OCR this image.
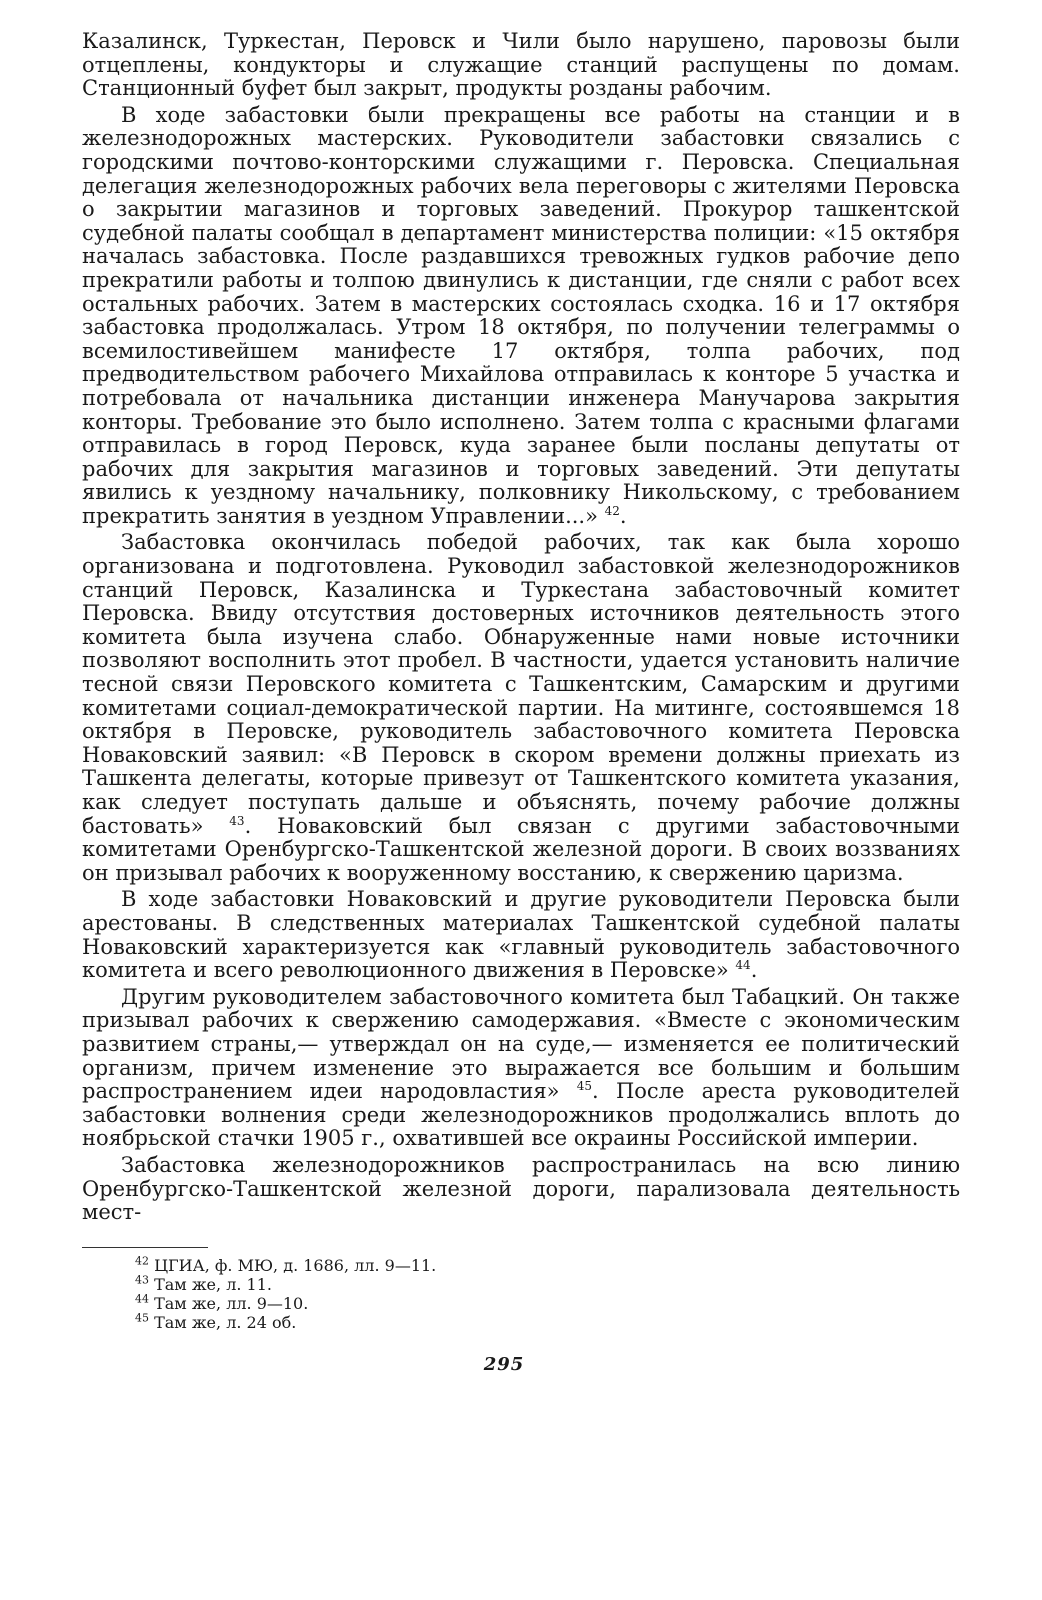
Казалинск, Туркестан, Перовск и Чили было нарушено, паровозы были отцеплены, кондукторы и служащие станций распущены по домам. Станционный буфет был закрыт, продукты розданы рабочим.

В ходе забастовки были прекращены все работы на станции и в железнодорожных мастерских. Руководители забастовки связались с городскими почтово-конторскими служащими г. Перовска. Специальная делегация железнодорожных рабочих вела переговоры с жителями Перовска о закрытии магазинов и торговых заведений. Прокурор ташкентской судебной палаты сообщал в департамент министерства полиции: «15 октября началась забастовка. После раздавшихся тревожных гудков рабочие депо прекратили работы и толпою двинулись к дистанции, где сняли с работ всех остальных рабочих. Затем в мастерских состоялась сходка. 16 и 17 октября забастовка продолжалась. Утром 18 октября, по получении телеграммы о всемилостивейшем манифесте 17 октября, толпа рабочих, под предводительством рабочего Михайлова отправилась к конторе 5 участка и потребовала от начальника дистанции инженера Манучарова закрытия конторы. Требование это было исполнено. Затем толпа с красными флагами отправилась в город Перовск, куда заранее были посланы депутаты от рабочих для закрытия магазинов и торговых заведений. Эти депутаты явились к уездному начальнику, полковнику Никольскому, с требованием прекратить занятия в уездном Управлении...» $^{42}$.

Забастовка окончилась победой рабочих, так как была хорошо организована и подготовлена. Руководил забастовкой железнодорожников станций Перовск, Казалинска и Туркестана забастовочный комитет Перовска. Ввиду отсутствия достоверных источников деятельность этого комитета была изучена слабо. Обнаруженные нами новые источники позволяют восполнить этот пробел. В частности, удается установить наличие тесной связи Перовского комитета с Ташкентским, Самарским и другими комитетами социал-демократической партии. На митинге, состоявшемся 18 октября в Перовске, руководитель забастовочного комитета Перовска Новаковский заявил: «В Перовск в скором времени должны приехать из Ташкента делегаты, которые привезут от Ташкентского комитета указания, как следует поступать дальше и объяснять, почему рабочие должны бастовать» $^{43}$. Новаковский был связан с другими забастовочными комитетами Оренбургско-Ташкентской железной дороги. В своих воззваниях он призывал рабочих к вооруженному восстанию, к свержению царизма.

В ходе забастовки Новаковский и другие руководители Перовска были арестованы. В следственных материалах Ташкентской судебной палаты Новаковский характеризуется как «главный руководитель забастовочного комитета и всего революционного движения в Перовске» $^{44}$.

Другим руководителем забастовочного комитета был Табацкий. Он также призывал рабочих к свержению самодержавия. «Вместе с экономическим развитием страны,— утверждал он на суде,— изменяется ее политический организм, причем изменение это выражается все большим и большим распространением идеи народовластия» $^{45}$. После ареста руководителей забастовки волнения среди железнодорожников продолжались вплоть до ноябрьской стачки 1905 г., охватившей все окраины Российской империи.

Забастовка железнодорожников распространилась на всю линию Оренбургско-Ташкентской железной дороги, парализовала деятельность мест-

$^{42}$ ЦГИА, ф. МЮ, д. 1686, лл. 9—11.
$^{43}$ Там же, л. 11.
$^{44}$ Там же, лл. 9—10.
$^{45}$ Там же, л. 24 об.
295
